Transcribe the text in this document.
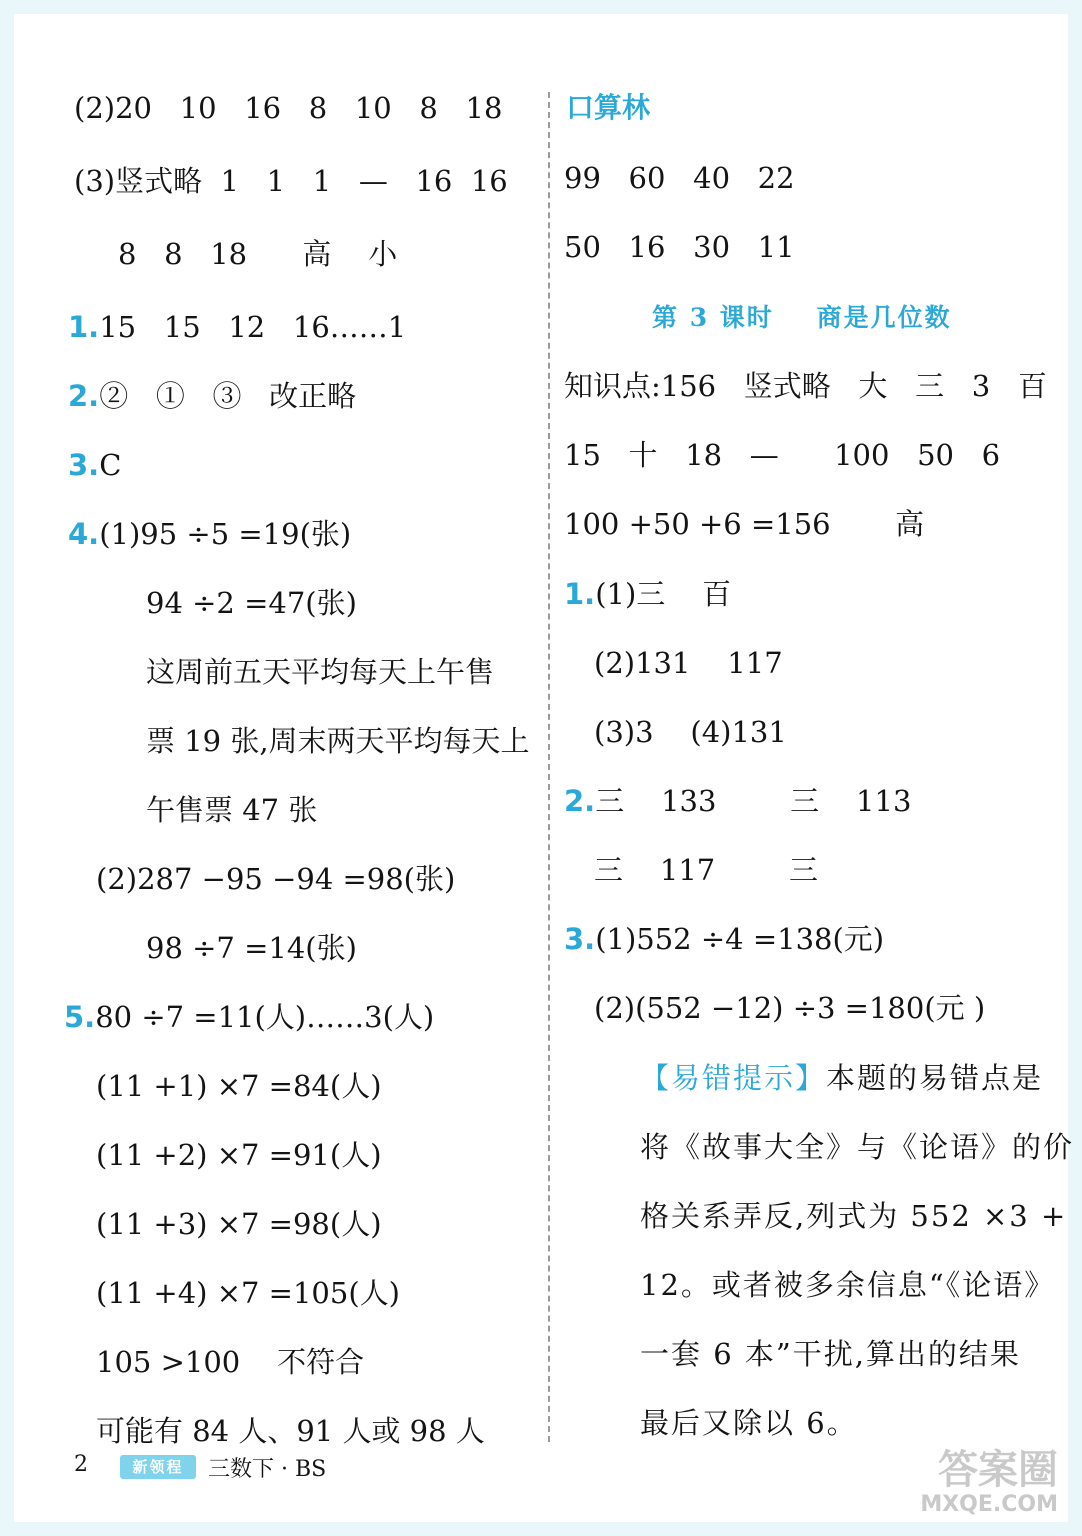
(2)20   10   16   8   10   8   18
(3)竖式略  1   1   1   —   16  16
8   8   18      高    小
1.15   15   12   16……1
2.②   ①   ③   改正略
3.C
4.(1)95 ÷5 =19(张)
94 ÷2 =47(张)
这周前五天平均每天上午售
票 19 张,周末两天平均每天上
午售票 47 张
(2)287 −95 −94 =98(张)
98 ÷7 =14(张)
5.80 ÷7 =11(人)……3(人)
(11 +1) ×7 =84(人)
(11 +2) ×7 =91(人)
(11 +3) ×7 =98(人)
(11 +4) ×7 =105(人)
105 >100    不符合
可能有 84 人、91 人或 98 人
口算林
99   60   40   22
50   16   30   11
第 3 课时    商是几位数
知识点:156   竖式略   大   三   3   百
15   十   18   —      100   50   6
100 +50 +6 =156       高
1.(1)三    百
(2)131    117
(3)3    (4)131
2.三    133        三    113
三    117        三
3.(1)552 ÷4 =138(元)
(2)(552 −12) ÷3 =180(元 )
【易错提示】本题的易错点是
将《故事大全》与《论语》的价
格关系弄反,列式为 552 ×3 +
12。或者被多余信息“《论语》
一套 6 本”干扰,算出的结果
最后又除以 6。
2	新领程	三数下 · BS	答案圈
MXQE.COM
